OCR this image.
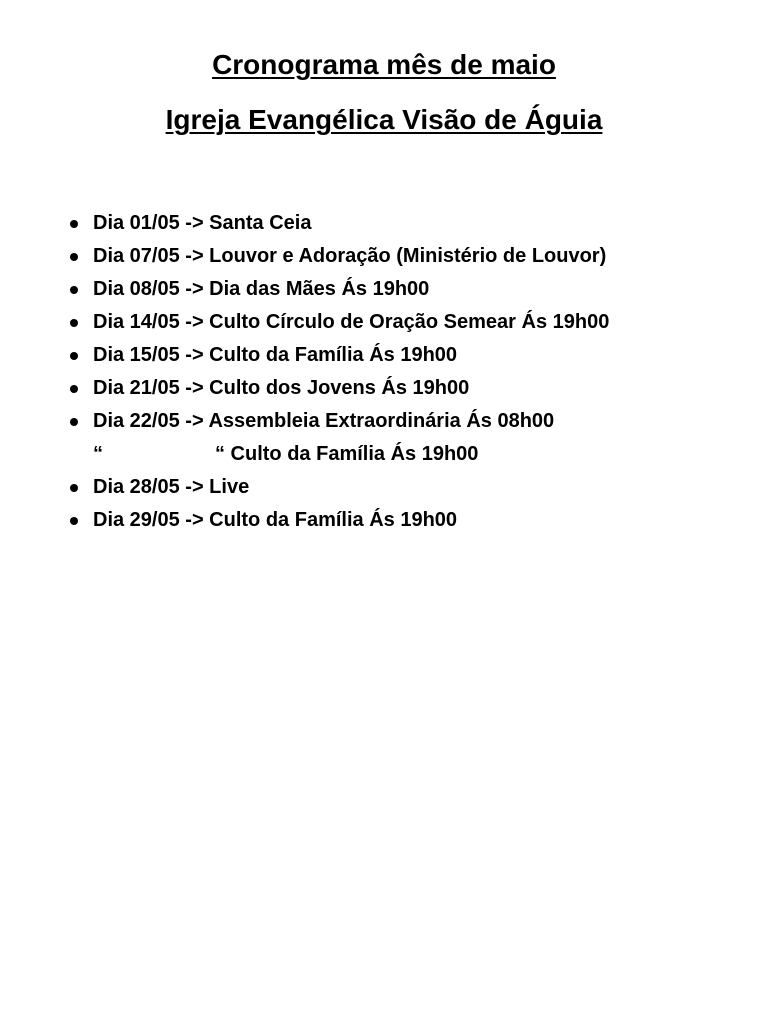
Cronograma mês de maio
Igreja Evangélica Visão de Águia
Dia 01/05 -> Santa Ceia
Dia 07/05 -> Louvor e Adoração (Ministério de Louvor)
Dia 08/05 -> Dia das Mães Ás 19h00
Dia 14/05 -> Culto Círculo de Oração Semear Ás 19h00
Dia 15/05 -> Culto da Família Ás 19h00
Dia 21/05 -> Culto dos Jovens Ás 19h00
Dia 22/05 -> Assembleia Extraordinária Ás 08h00
“	“ Culto da Família Ás 19h00
Dia 28/05 -> Live
Dia 29/05 -> Culto da Família Ás 19h00
